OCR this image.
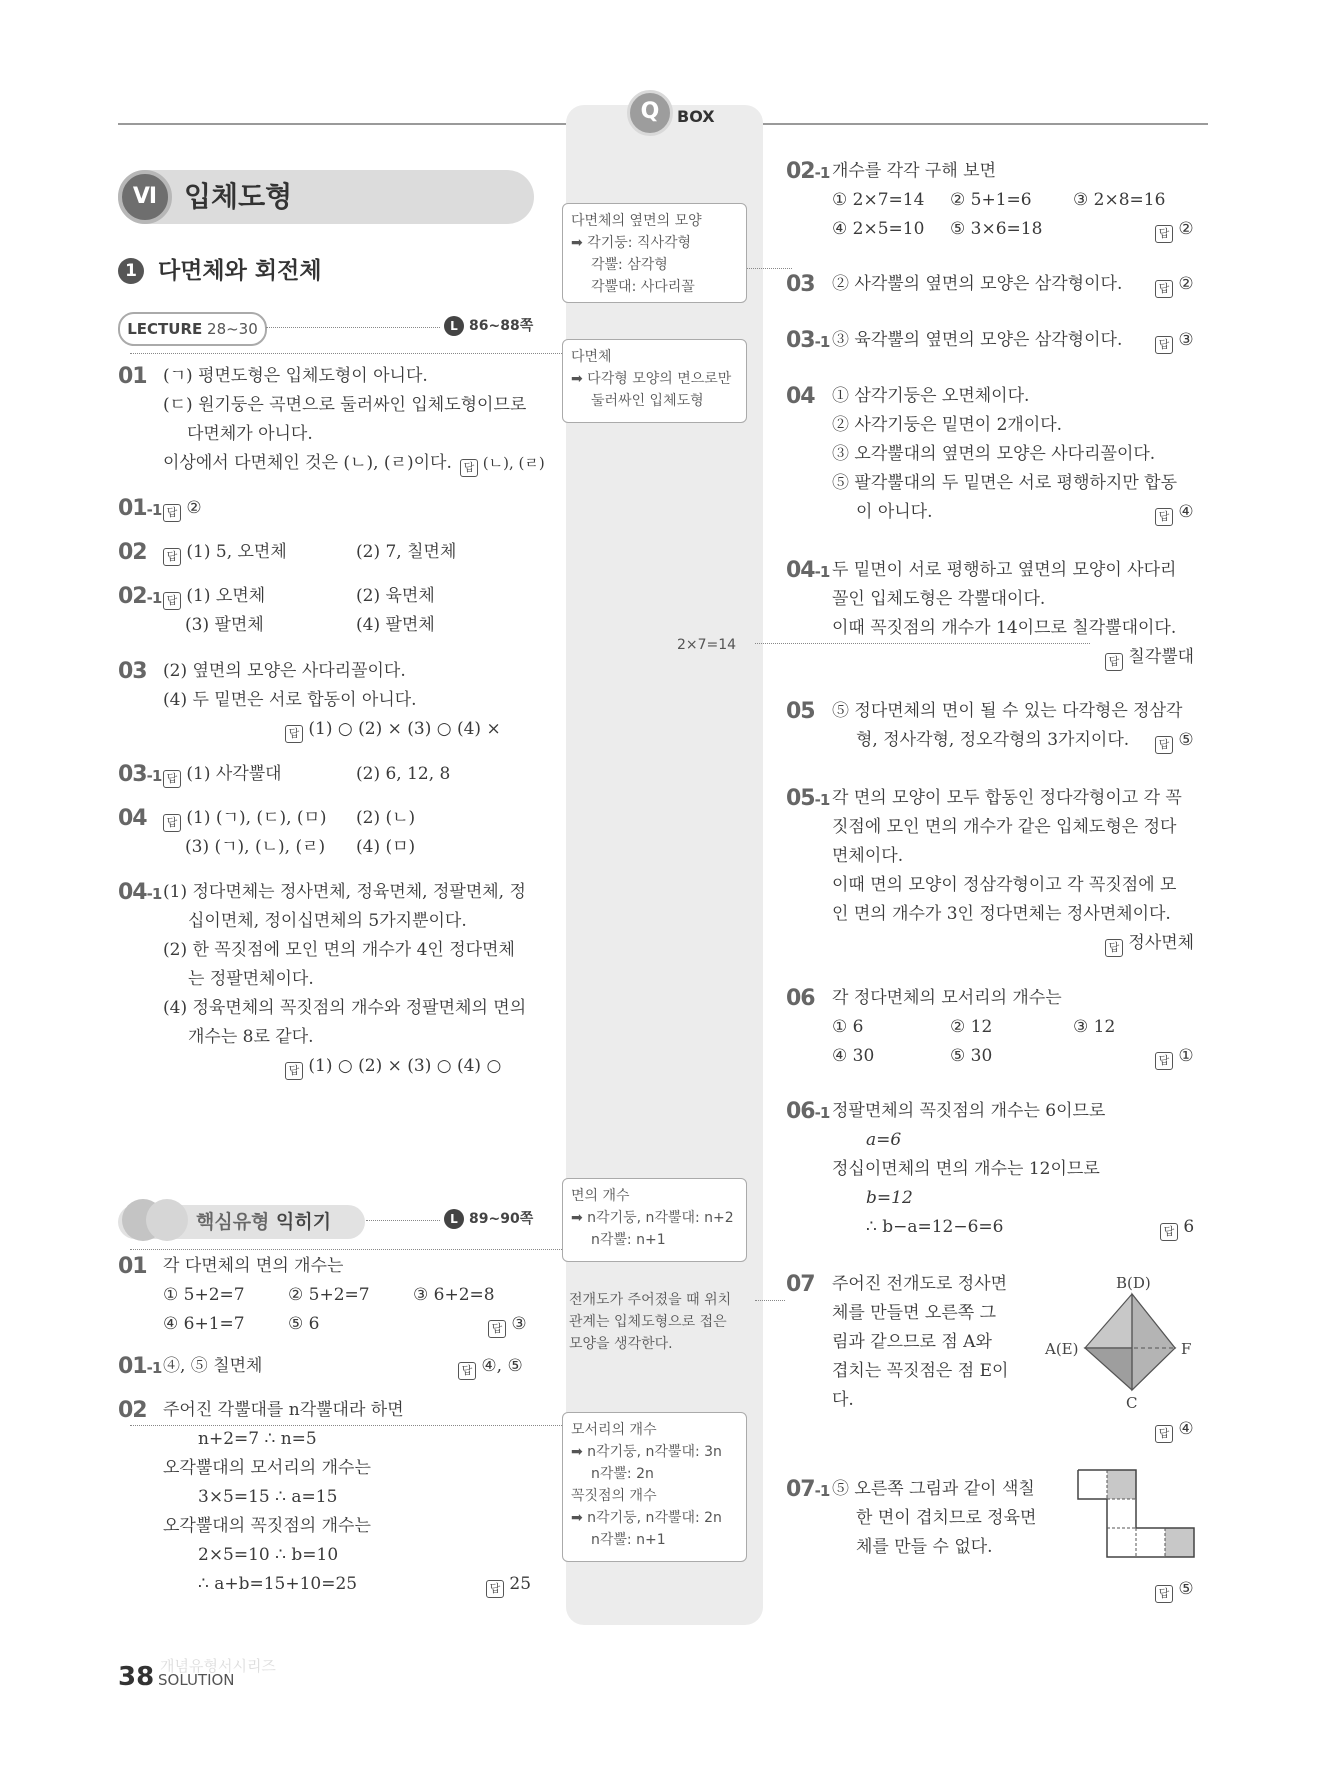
Q	BOX
Ⅵ 입체도형
1 다면체와 회전체
LECTURE 28~30	L 86~88쪽
01 (ㄱ) 평면도형은 입체도형이 아니다.
(ㄷ) 원기둥은 곡면으로 둘러싸인 입체도형이므로
다면체가 아니다.
이상에서 다면체인 것은 (ㄴ), (ㄹ)이다.	답 (ㄴ), (ㄹ)
01-1 답 ②
02	답 (1) 5, 오면체	(2) 7, 칠면체
02-1 답 (1) 오면체	(2) 육면체
(3) 팔면체	(4) 팔면체
03 (2) 옆면의 모양은 사다리꼴이다.
(4) 두 밑면은 서로 합동이 아니다.
답 (1) ○ (2) × (3) ○ (4) ×
03-1 답 (1) 사각뿔대	(2) 6, 12, 8
04	답 (1) (ㄱ), (ㄷ), (ㅁ) (2) (ㄴ)
(3) (ㄱ), (ㄴ), (ㄹ) (4) (ㅁ)
04-1 (1) 정다면체는 정사면체, 정육면체, 정팔면체, 정
십이면체, 정이십면체의 5가지뿐이다.
(2) 한 꼭짓점에 모인 면의 개수가 4인 정다면체
는 정팔면체이다.
(4) 정육면체의 꼭짓점의 개수와 정팔면체의 면의
개수는 8로 같다.
답 (1) ○ (2) × (3) ○ (4) ○
핵심유형 익히기	L 89~90쪽
01 각 다면체의 면의 개수는
① 5+2=7	② 5+2=7	③ 6+2=8
④ 6+1=7	⑤ 6	답 ③
01-1 ④, ⑤ 칠면체	답 ④, ⑤
02 주어진 각뿔대를 n각뿔대라 하면
n+2=7 ∴ n=5
오각뿔대의 모서리의 개수는
3×5=15 ∴ a=15
오각뿔대의 꼭짓점의 개수는
2×5=10 ∴ b=10
∴ a+b=15+10=25	답 25
다면체의 옆면의 모양
➡ 각기둥: 직사각형
각뿔: 삼각형
각뿔대: 사다리꼴
다면체
➡ 다각형 모양의 면으로만
둘러싸인 입체도형
2×7=14
면의 개수
➡ n각기둥, n각뿔대: n+2
n각뿔: n+1
전개도가 주어졌을 때 위치
관계는 입체도형으로 접은
모양을 생각한다.
모서리의 개수
➡ n각기둥, n각뿔대: 3n
n각뿔: 2n
꼭짓점의 개수
➡ n각기둥, n각뿔대: 2n
n각뿔: n+1
02-1 개수를 각각 구해 보면
① 2×7=14 ② 5+1=6 ③ 2×8=16
④ 2×5=10 ⑤ 3×6=18	답 ②
03 ② 사각뿔의 옆면의 모양은 삼각형이다.	답 ②
03-1 ③ 육각뿔의 옆면의 모양은 삼각형이다.	답 ③
04 ① 삼각기둥은 오면체이다.
② 사각기둥은 밑면이 2개이다.
③ 오각뿔대의 옆면의 모양은 사다리꼴이다.
⑤ 팔각뿔대의 두 밑면은 서로 평행하지만 합동
이 아니다.	답 ④
04-1 두 밑면이 서로 평행하고 옆면의 모양이 사다리
꼴인 입체도형은 각뿔대이다.
이때 꼭짓점의 개수가 14이므로 칠각뿔대이다.
답 칠각뿔대
05 ⑤ 정다면체의 면이 될 수 있는 다각형은 정삼각
형, 정사각형, 정오각형의 3가지이다.	답 ⑤
05-1 각 면의 모양이 모두 합동인 정다각형이고 각 꼭
짓점에 모인 면의 개수가 같은 입체도형은 정다
면체이다.
이때 면의 모양이 정삼각형이고 각 꼭짓점에 모
인 면의 개수가 3인 정다면체는 정사면체이다.
답 정사면체
06 각 정다면체의 모서리의 개수는
① 6	② 12	③ 12
④ 30	⑤ 30	답 ①
06-1 정팔면체의 꼭짓점의 개수는 6이므로
a=6
정십이면체의 면의 개수는 12이므로
b=12
∴ b−a=12−6=6	답 6
07 주어진 전개도로 정사면
체를 만들면 오른쪽 그
림과 같으므로 점 A와
겹치는 꼭짓점은 점 E이
다.
답 ④
B(D)
A(E)	F
C
07-1 ⑤ 오른쪽 그림과 같이 색칠
한 면이 겹치므로 정육면
체를 만들 수 없다.
답 ⑤
개념유형서시리즈
38 SOLUTION
